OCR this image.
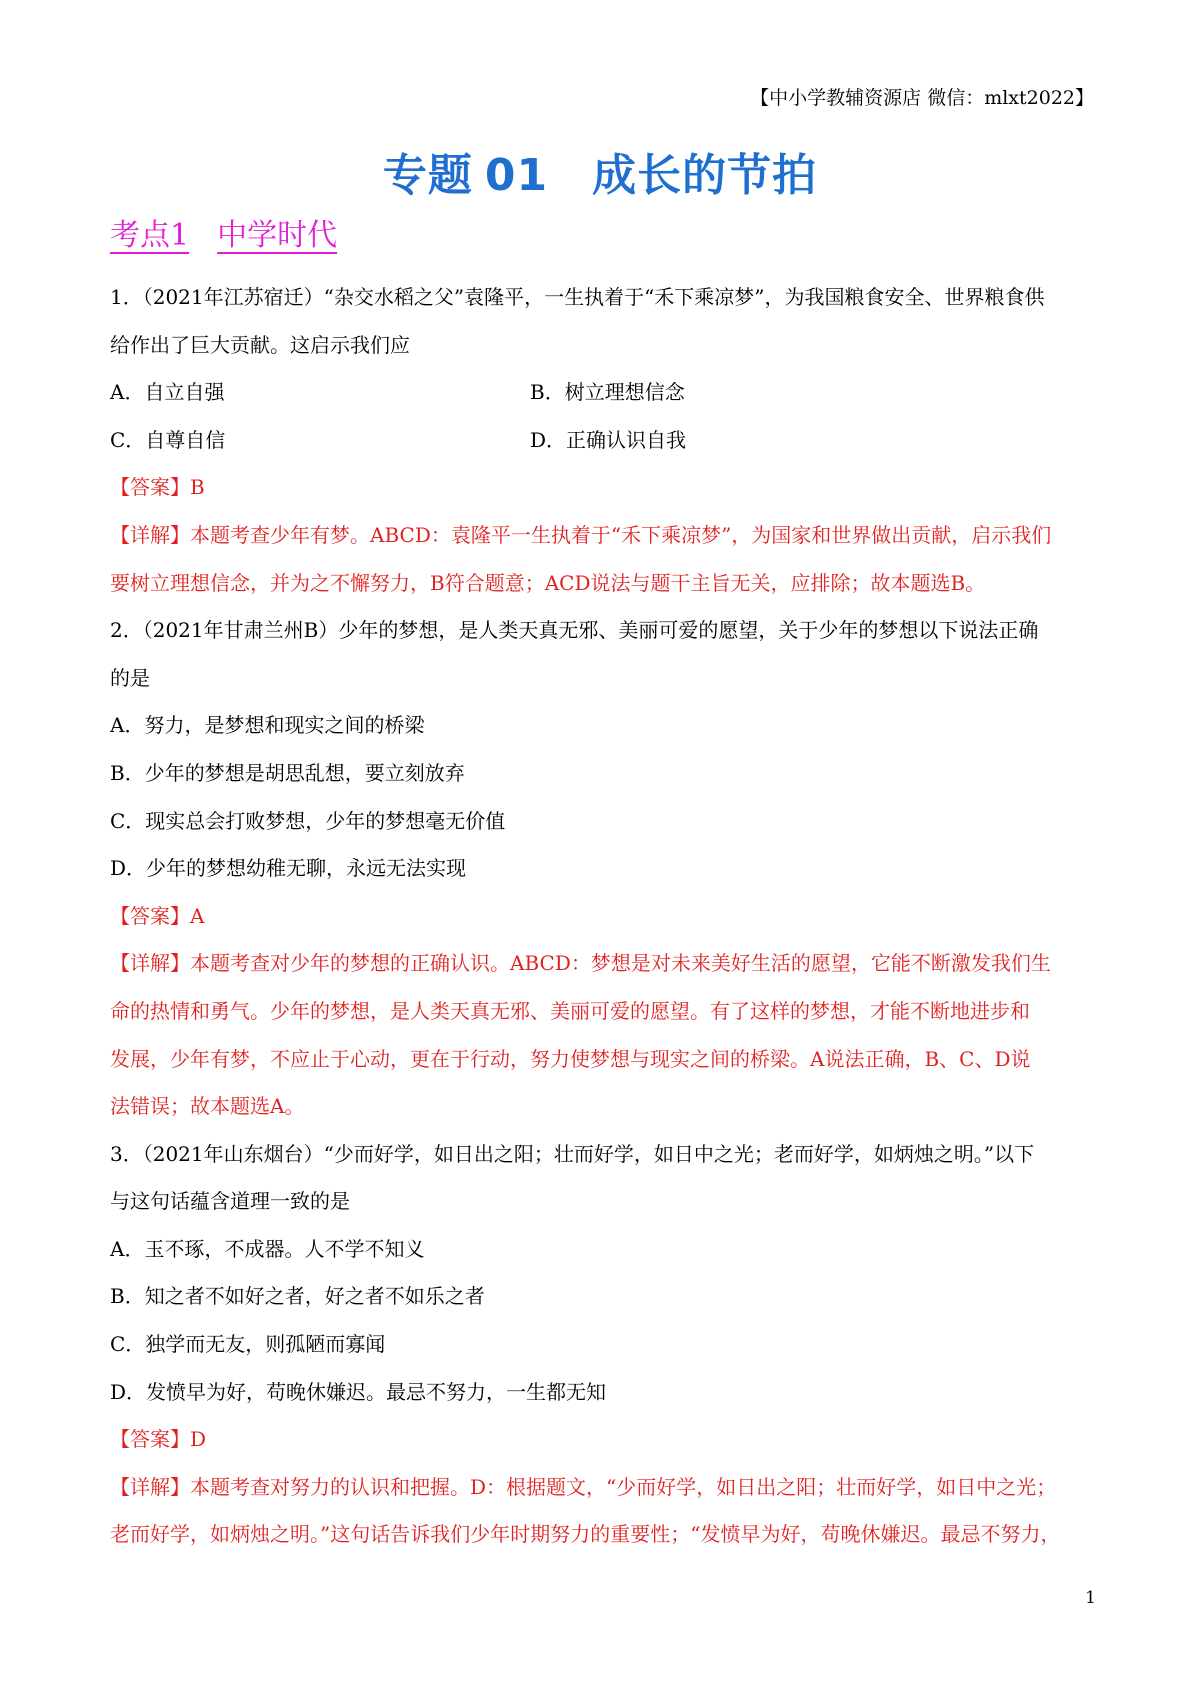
【中小学教辅资源店 微信：mlxt2022】
专题 01 成长的节拍
考点1 中学时代
1．（2021年江苏宿迁）“杂交水稻之父”袁隆平，一生执着于“禾下乘凉梦”，为我国粮食安全、世界粮食供
给作出了巨大贡献。这启示我们应
A．自立自强	B．树立理想信念
C．自尊自信	D．正确认识自我
【答案】B
【详解】本题考查少年有梦。ABCD：袁隆平一生执着于“禾下乘凉梦”，为国家和世界做出贡献，启示我们
要树立理想信念，并为之不懈努力，B符合题意；ACD说法与题干主旨无关，应排除；故本题选B。
2．（2021年甘肃兰州B）少年的梦想，是人类天真无邪、美丽可爱的愿望，关于少年的梦想以下说法正确
的是
A．努力，是梦想和现实之间的桥梁
B．少年的梦想是胡思乱想，要立刻放弃
C．现实总会打败梦想，少年的梦想毫无价值
D．少年的梦想幼稚无聊，永远无法实现
【答案】A
【详解】本题考查对少年的梦想的正确认识。ABCD：梦想是对未来美好生活的愿望，它能不断激发我们生
命的热情和勇气。少年的梦想，是人类天真无邪、美丽可爱的愿望。有了这样的梦想，才能不断地进步和
发展，少年有梦，不应止于心动，更在于行动，努力使梦想与现实之间的桥梁。A说法正确，B、C、D说
法错误；故本题选A。
3．（2021年山东烟台）“少而好学，如日出之阳；壮而好学，如日中之光；老而好学，如炳烛之明。”以下
与这句话蕴含道理一致的是
A．玉不琢，不成器。人不学不知义
B．知之者不如好之者，好之者不如乐之者
C．独学而无友，则孤陋而寡闻
D．发愤早为好，苟晚休嫌迟。最忌不努力，一生都无知
【答案】D
【详解】本题考查对努力的认识和把握。D：根据题文，“少而好学，如日出之阳；壮而好学，如日中之光；
老而好学，如炳烛之明。”这句话告诉我们少年时期努力的重要性；“发愤早为好，苟晚休嫌迟。最忌不努力，
1
